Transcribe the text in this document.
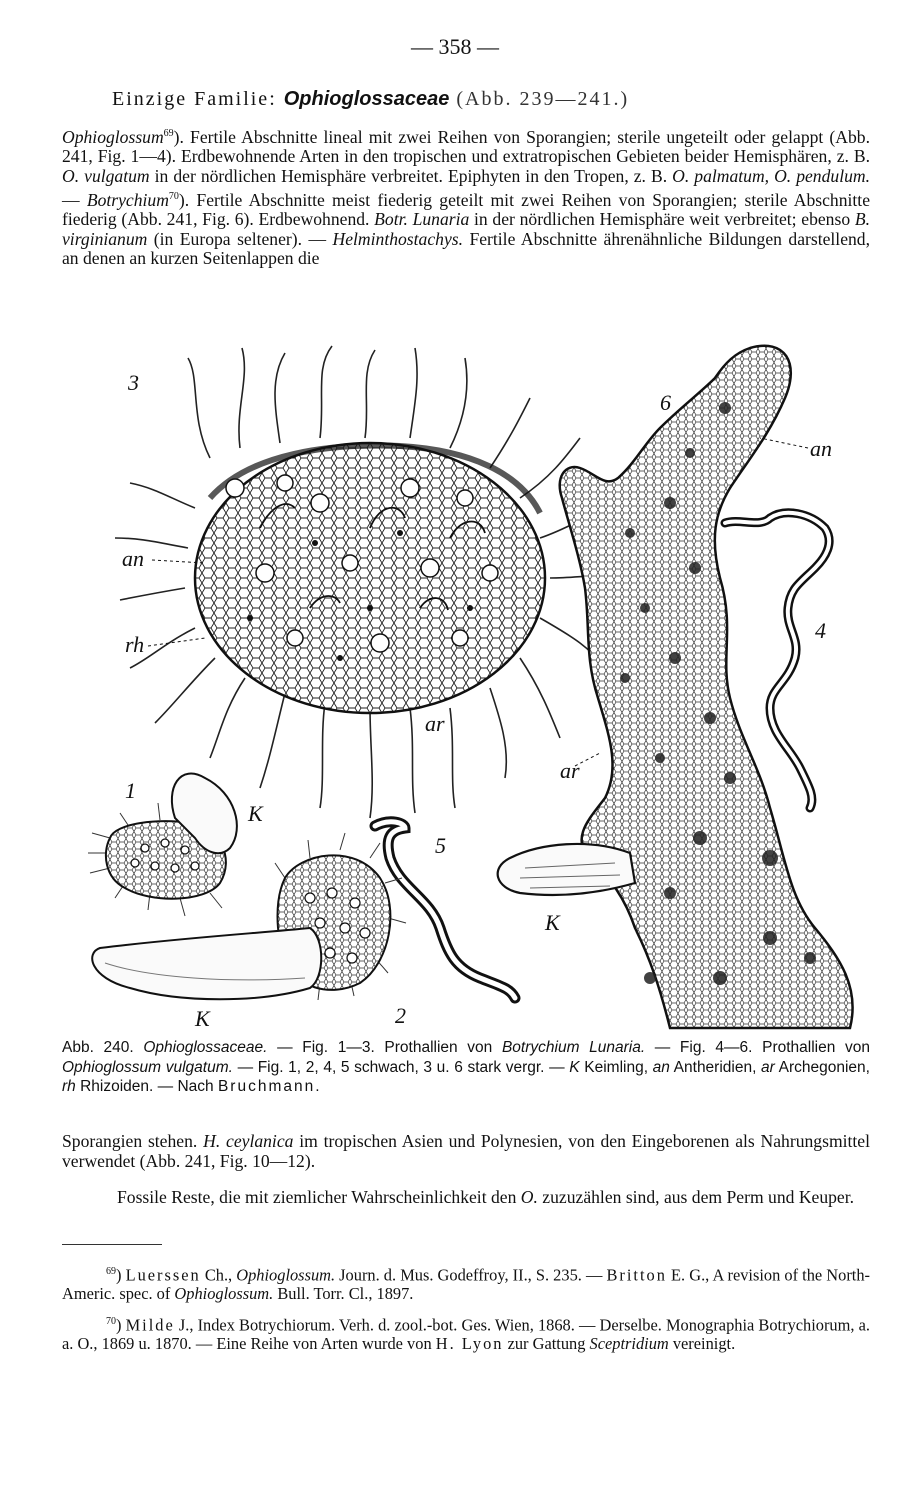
— 358 —
Einzige Familie: Ophioglossaceae (Abb. 239—241.)

Ophioglossum$^{69}$). Fertile Abschnitte lineal mit zwei Reihen von Sporangien; sterile ungeteilt oder gelappt (Abb. 241, Fig. 1—4). Erdbewohnende Arten in den tropischen und extratropischen Gebieten beider Hemisphären, z. B. O. vulgatum in der nördlichen Hemisphäre verbreitet. Epiphyten in den Tropen, z. B. O. palmatum, O. pendulum. — Botrychium$^{70}$). Fertile Abschnitte meist fiederig geteilt mit zwei Reihen von Sporangien; sterile Abschnitte fiederig (Abb. 241, Fig. 6). Erdbewohnend. Botr. Lunaria in der nördlichen Hemisphäre weit verbreitet; ebenso B. virginianum (in Europa seltener). — Helminthostachys. Fertile Abschnitte ährenähnliche Bildungen darstellend, an denen an kurzen Seitenlappen die

3
6
4
1
5
2
an
an
rh
ar
ar
K
K
K

Abb. 240. Ophioglossaceae. — Fig. 1—3. Prothallien von Botrychium Lunaria. — Fig. 4—6. Prothallien von Ophioglossum vulgatum. — Fig. 1, 2, 4, 5 schwach, 3 u. 6 stark vergr. — K Keimling, an Antheridien, ar Archegonien, rh Rhizoiden. — Nach Bruchmann.

Sporangien stehen. H. ceylanica im tropischen Asien und Polynesien, von den Eingeborenen als Nahrungsmittel verwendet (Abb. 241, Fig. 10—12).

Fossile Reste, die mit ziemlicher Wahrscheinlichkeit den O. zuzuzählen sind, aus dem Perm und Keuper.

$^{69}$) Luerssen Ch., Ophioglossum. Journ. d. Mus. Godeffroy, II., S. 235. — Britton E. G., A revision of the North-Americ. spec. of Ophioglossum. Bull. Torr. Cl., 1897.

$^{70}$) Milde J., Index Botrychiorum. Verh. d. zool.-bot. Ges. Wien, 1868. — Derselbe. Monographia Botrychiorum, a. a. O., 1869 u. 1870. — Eine Reihe von Arten wurde von H. Lyon zur Gattung Sceptridium vereinigt.
